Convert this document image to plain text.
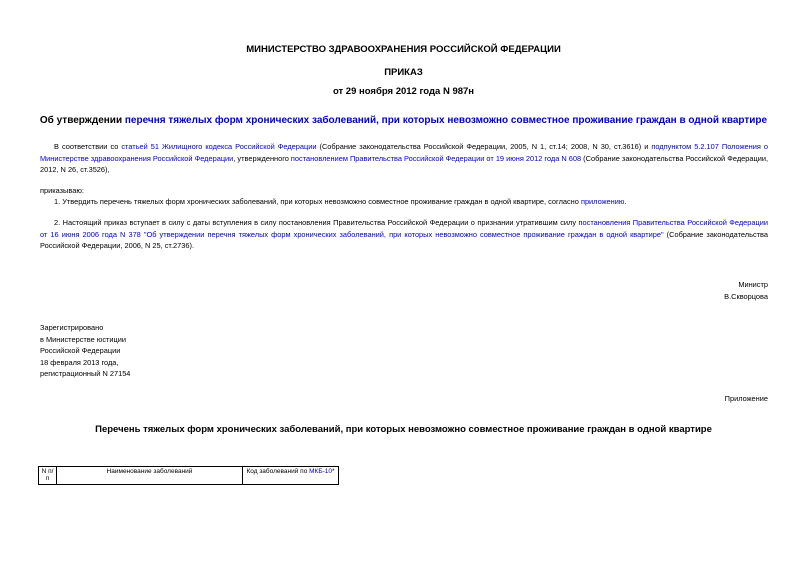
МИНИСТЕРСТВО ЗДРАВООХРАНЕНИЯ РОССИЙСКОЙ ФЕДЕРАЦИИ
ПРИКАЗ
от 29 ноября 2012 года N 987н
Об утверждении перечня тяжелых форм хронических заболеваний, при которых невозможно совместное проживание граждан в одной квартире
В соответствии со статьей 51 Жилищного кодекса Российской Федерации (Собрание законодательства Российской Федерации, 2005, N 1, ст.14; 2008, N 30, ст.3616) и подпунктом 5.2.107 Положения о Министерстве здравоохранения Российской Федерации, утвержденного постановлением Правительства Российской Федерации от 19 июня 2012 года N 608 (Собрание законодательства Российской Федерации, 2012, N 26, ст.3526),
приказываю:
1. Утвердить перечень тяжелых форм хронических заболеваний, при которых невозможно совместное проживание граждан в одной квартире, согласно приложению.
2. Настоящий приказ вступает в силу с даты вступления в силу постановления Правительства Российской Федерации о признании утратившим силу постановления Правительства Российской Федерации от 16 июня 2006 года N 378 "Об утверждении перечня тяжелых форм хронических заболеваний, при которых невозможно совместное проживание граждан в одной квартире" (Собрание законодательства Российской Федерации, 2006, N 25, ст.2736).
Министр
В.Скворцова
Зарегистрировано
в Министерстве юстиции
Российской Федерации
18 февраля 2013 года,
регистрационный N 27154
Приложение
Перечень тяжелых форм хронических заболеваний, при которых невозможно совместное проживание граждан в одной квартире
N п/п	Наименование заболеваний	Код заболеваний по МКБ-10*
